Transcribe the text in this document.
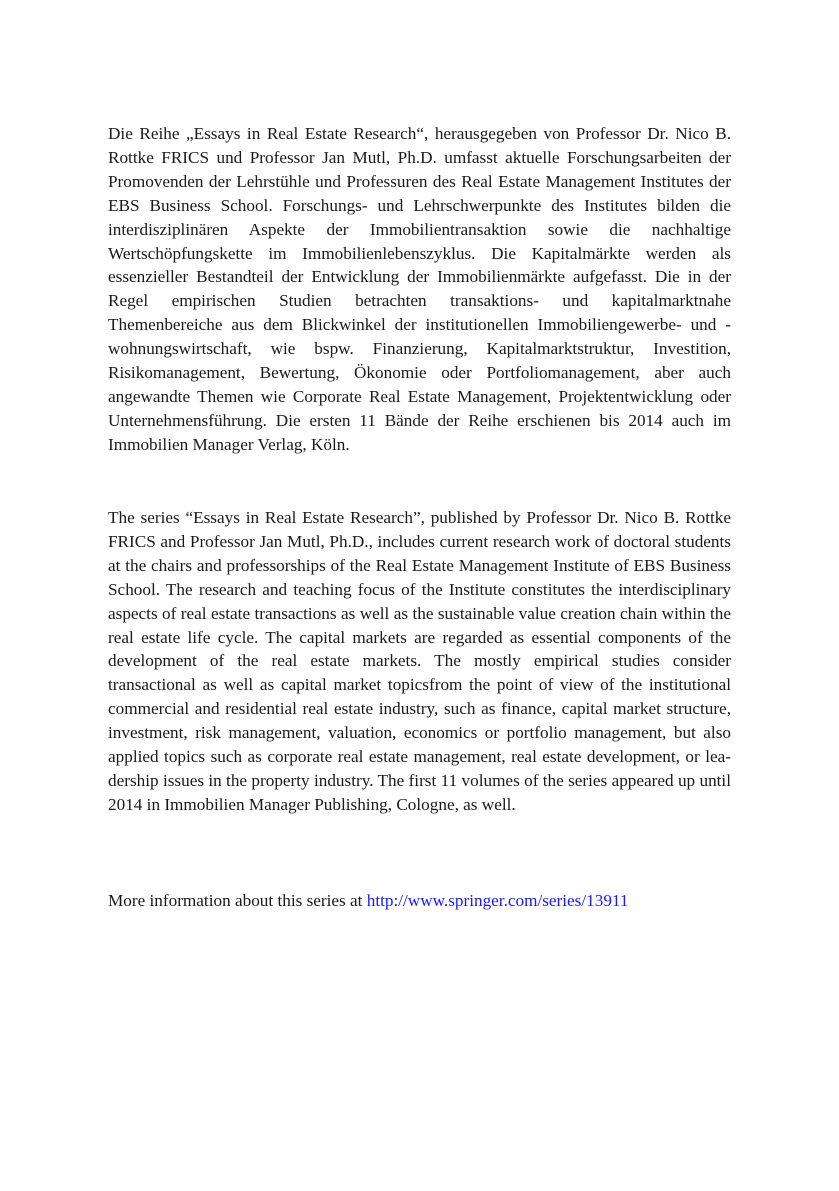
Die Reihe „Essays in Real Estate Research“, herausgegeben von Professor Dr. Nico B. Rottke FRICS und Professor Jan Mutl, Ph.D. umfasst aktuelle Forschungsarbeiten der Promovenden der Lehrstühle und Professuren des Real Estate Management Institutes der EBS Business School. Forschungs- und Lehrschwerpunkte des Institutes bilden die interdisziplinären Aspekte der Immobilientransaktion sowie die nachhaltige Wertschöpfungskette im Immobilienlebenszyklus. Die Kapitalmärkte werden als essenzieller Bestandteil der Entwicklung der Immobilienmärkte aufgefasst. Die in der Regel empirischen Studien betrachten transaktions- und kapitalmarktnahe Themenbereiche aus dem Blickwinkel der institutionellen Immobiliengewerbe- und -wohnungswirtschaft, wie bspw. Finanzierung, Kapitalmarktstruktur, Investition, Risikomanagement, Bewertung, Ökonomie oder Portfoliomanagement, aber auch angewandte Themen wie Corporate Real Estate Management, Projektentwicklung oder Unternehmensführung. Die ersten 11 Bände der Reihe erschienen bis 2014 auch im Immobilien Manager Verlag, Köln.

The series “Essays in Real Estate Research”, published by Professor Dr. Nico B. Rottke FRICS and Professor Jan Mutl, Ph.D., includes current research work of doctoral students at the chairs and professorships of the Real Estate Management Institute of EBS Business School. The research and teaching focus of the Institute constitutes the interdisciplinary aspects of real estate transactions as well as the sustainable value creation chain within the real estate life cycle. The capital markets are regarded as essential components of the development of the real estate markets. The mostly empirical studies consider transactional as well as capital market topicsfrom the point of view of the institutional commercial and residential real estate industry, such as finance, capital market structure, investment, risk management, valuation, economics or portfolio management, but also applied topics such as corporate real estate management, real estate development, or leadership issues in the property industry. The first 11 volumes of the series appeared up until 2014 in Immobilien Manager Publishing, Cologne, as well.

More information about this series at http://www.springer.com/series/13911
